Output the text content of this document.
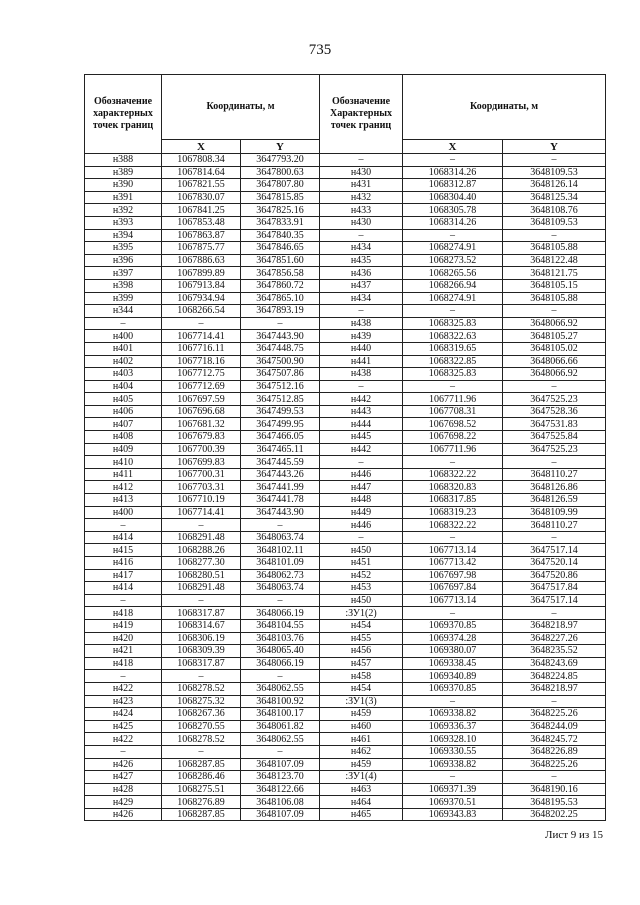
735
Обозначение характерных точек границ	Координаты, м		Обозначение Характерных точек границ	Координаты, м	
	X	Y		X	Y
н388	1067808.34	3647793.20	–	–	–
н389	1067814.64	3647800.63	н430	1068314.26	3648109.53
н390	1067821.55	3647807.80	н431	1068312.87	3648126.14
н391	1067830.07	3647815.85	н432	1068304.40	3648125.34
н392	1067841.25	3647825.16	н433	1068305.78	3648108.76
н393	1067853.48	3647833.91	н430	1068314.26	3648109.53
н394	1067863.87	3647840.35	–	–	–
н395	1067875.77	3647846.65	н434	1068274.91	3648105.88
н396	1067886.63	3647851.60	н435	1068273.52	3648122.48
н397	1067899.89	3647856.58	н436	1068265.56	3648121.75
н398	1067913.84	3647860.72	н437	1068266.94	3648105.15
н399	1067934.94	3647865.10	н434	1068274.91	3648105.88
н344	1068266.54	3647893.19	–	–	–
–	–	–	н438	1068325.83	3648066.92
н400	1067714.41	3647443.90	н439	1068322.63	3648105.27
н401	1067716.11	3647448.75	н440	1068319.65	3648105.02
н402	1067718.16	3647500.90	н441	1068322.85	3648066.66
н403	1067712.75	3647507.86	н438	1068325.83	3648066.92
н404	1067712.69	3647512.16	–	–	–
н405	1067697.59	3647512.85	н442	1067711.96	3647525.23
н406	1067696.68	3647499.53	н443	1067708.31	3647528.36
н407	1067681.32	3647499.95	н444	1067698.52	3647531.83
н408	1067679.83	3647466.05	н445	1067698.22	3647525.84
н409	1067700.39	3647465.11	н442	1067711.96	3647525.23
н410	1067699.83	3647445.59	–	–	–
н411	1067700.31	3647443.26	н446	1068322.22	3648110.27
н412	1067703.31	3647441.99	н447	1068320.83	3648126.86
н413	1067710.19	3647441.78	н448	1068317.85	3648126.59
н400	1067714.41	3647443.90	н449	1068319.23	3648109.99
–	–	–	н446	1068322.22	3648110.27
н414	1068291.48	3648063.74	–	–	–
н415	1068288.26	3648102.11	н450	1067713.14	3647517.14
н416	1068277.30	3648101.09	н451	1067713.42	3647520.14
н417	1068280.51	3648062.73	н452	1067697.98	3647520.86
н414	1068291.48	3648063.74	н453	1067697.84	3647517.84
–	–	–	н450	1067713.14	3647517.14
н418	1068317.87	3648066.19	:ЗУ1(2)	–	–
н419	1068314.67	3648104.55	н454	1069370.85	3648218.97
н420	1068306.19	3648103.76	н455	1069374.28	3648227.26
н421	1068309.39	3648065.40	н456	1069380.07	3648235.52
н418	1068317.87	3648066.19	н457	1069338.45	3648243.69
–	–	–	н458	1069340.89	3648224.85
н422	1068278.52	3648062.55	н454	1069370.85	3648218.97
н423	1068275.32	3648100.92	:ЗУ1(3)	–	–
н424	1068267.36	3648100.17	н459	1069338.82	3648225.26
н425	1068270.55	3648061.82	н460	1069336.37	3648244.09
н422	1068278.52	3648062.55	н461	1069328.10	3648245.72
–	–	–	н462	1069330.55	3648226.89
н426	1068287.85	3648107.09	н459	1069338.82	3648225.26
н427	1068286.46	3648123.70	:ЗУ1(4)	–	–
н428	1068275.51	3648122.66	н463	1069371.39	3648190.16
н429	1068276.89	3648106.08	н464	1069370.51	3648195.53
н426	1068287.85	3648107.09	н465	1069343.83	3648202.25
Лист 9 из 15
